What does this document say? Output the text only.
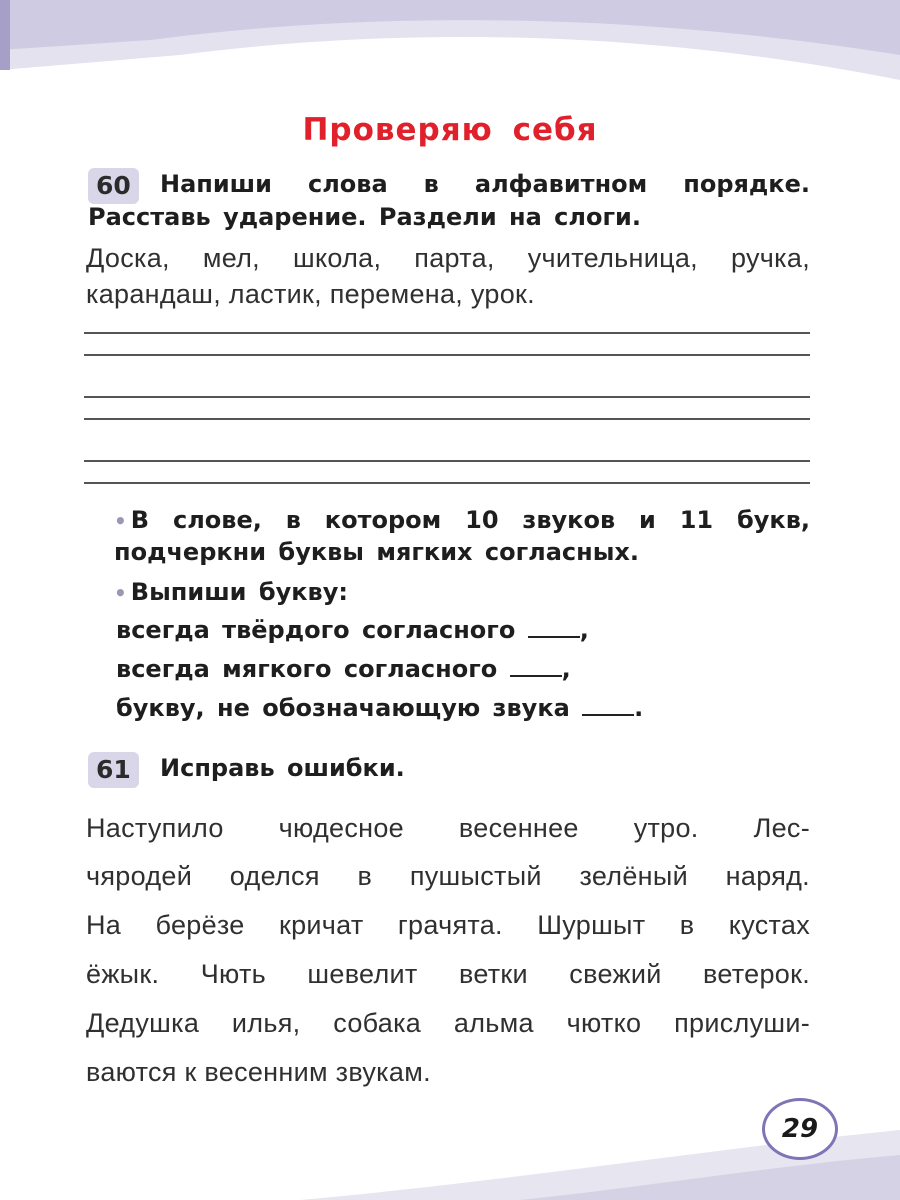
Проверяю себя
60	Напиши слова в алфавитном порядке.
Расставь ударение. Раздели на слоги.
Доска, мел, школа, парта, учительница, ручка,
карандаш, ластик, перемена, урок.
• В слове, в котором 10 звуков и 11 букв,
подчеркни буквы мягких согласных.
• Выпиши букву:
всегда твёрдого согласного	,
всегда мягкого согласного	,
букву, не обозначающую звука	.
61	Исправь ошибки.
Наступило чюдесное весеннее утро. Лес-
чяродей оделся в пушыстый зелёный наряд.
На берёзе кричат грачята. Шуршыт в кустах
ёжык. Чють шевелит ветки свежий ветерок.
Дедушка илья, собака альма чютко прислуши-
ваются к весенним звукам.
29
